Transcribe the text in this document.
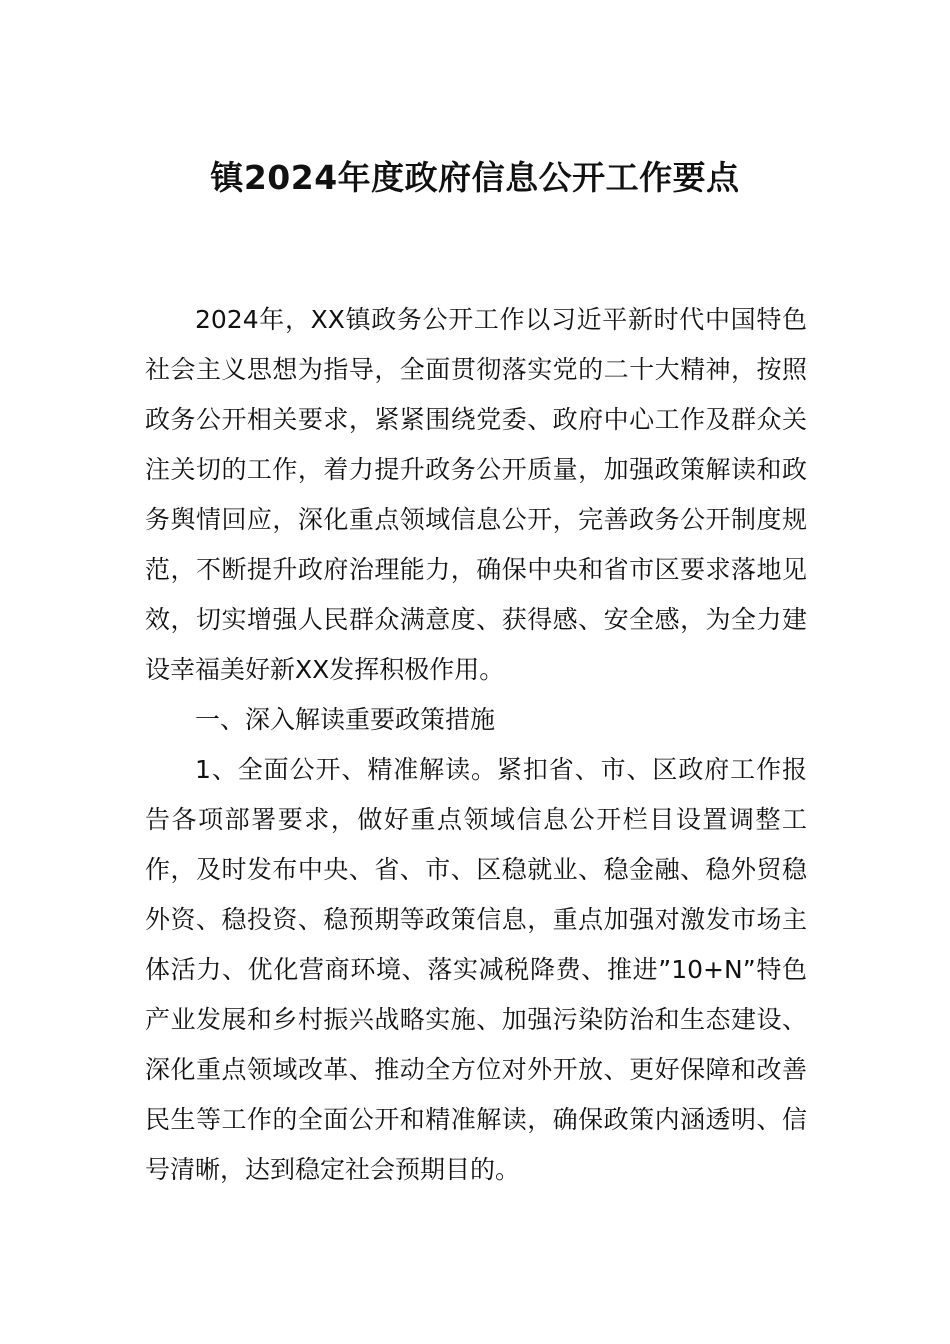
镇2024年度政府信息公开工作要点

2024年，XX镇政务公开工作以习近平新时代中国特色社会主义思想为指导，全面贯彻落实党的二十大精神，按照政务公开相关要求，紧紧围绕党委、政府中心工作及群众关注关切的工作，着力提升政务公开质量，加强政策解读和政务舆情回应，深化重点领域信息公开，完善政务公开制度规范，不断提升政府治理能力，确保中央和省市区要求落地见效，切实增强人民群众满意度、获得感、安全感，为全力建设幸福美好新XX发挥积极作用。

一、深入解读重要政策措施

1、全面公开、精准解读。紧扣省、市、区政府工作报告各项部署要求，做好重点领域信息公开栏目设置调整工作，及时发布中央、省、市、区稳就业、稳金融、稳外贸稳外资、稳投资、稳预期等政策信息，重点加强对激发市场主体活力、优化营商环境、落实减税降费、推进”10+N”特色产业发展和乡村振兴战略实施、加强污染防治和生态建设、深化重点领域改革、推动全方位对外开放、更好保障和改善民生等工作的全面公开和精准解读，确保政策内涵透明、信号清晰，达到稳定社会预期目的。
